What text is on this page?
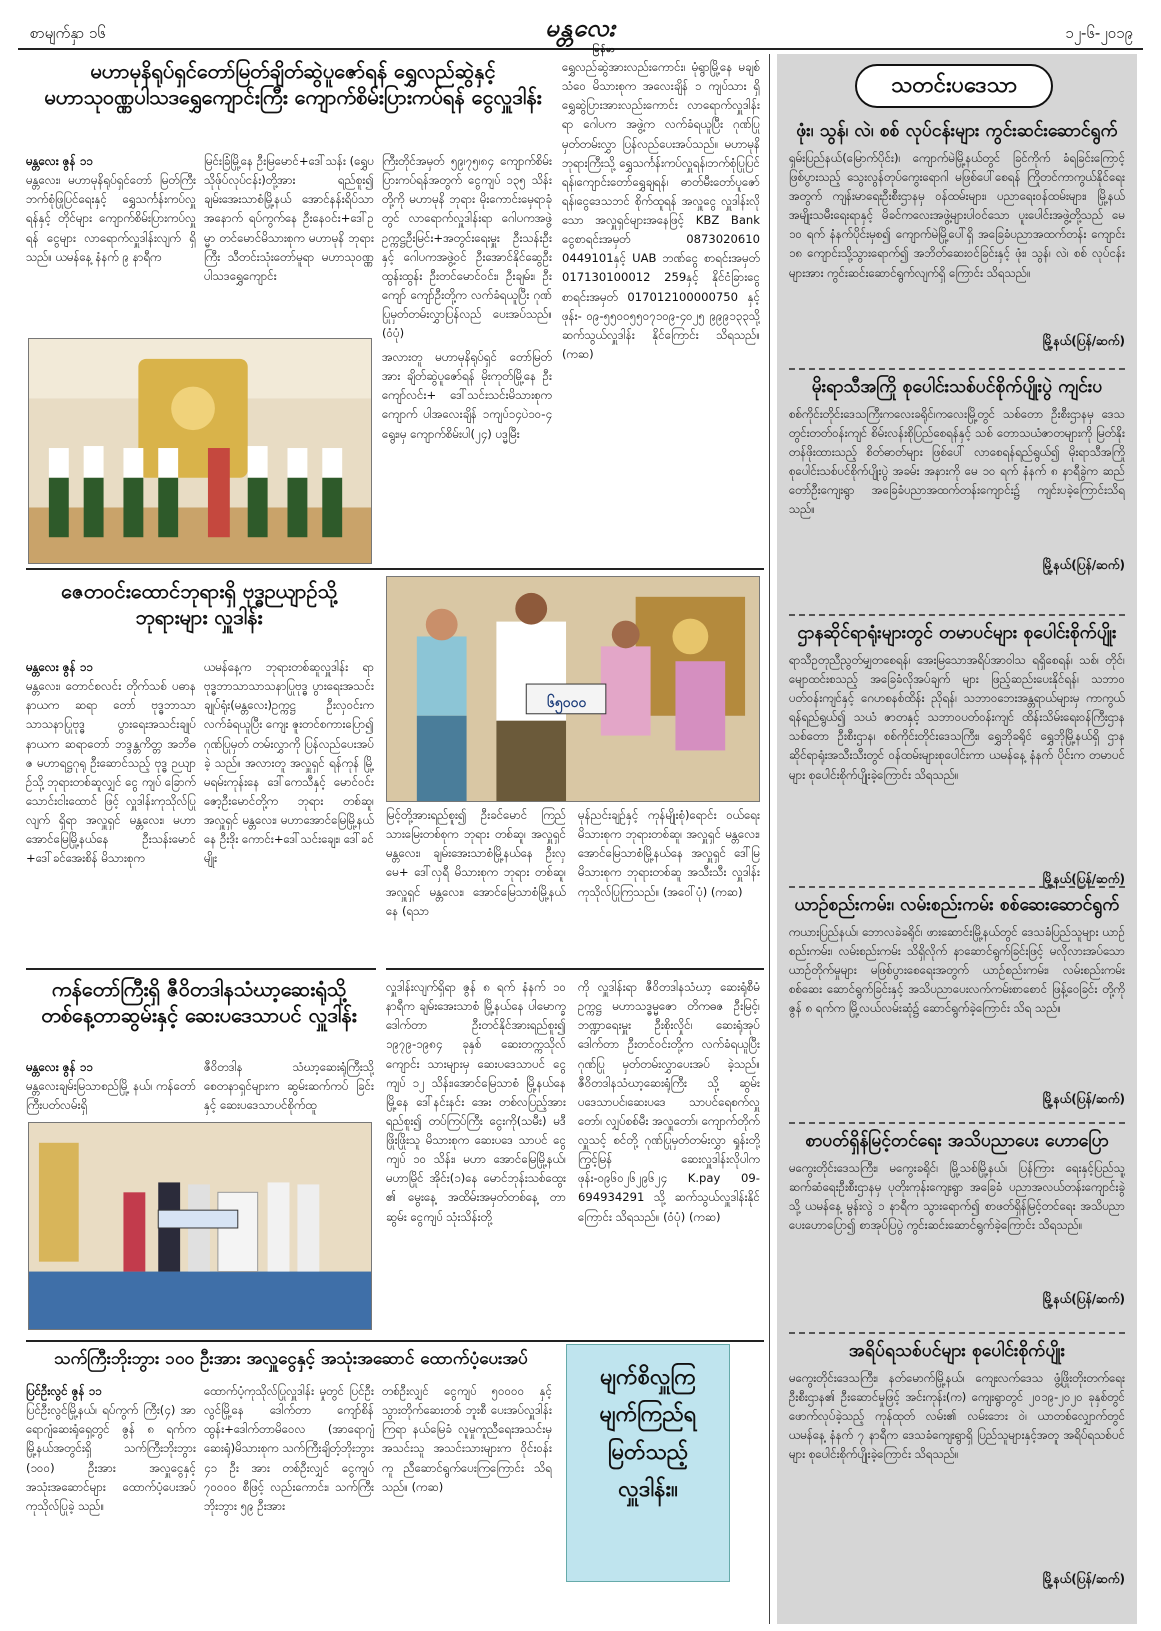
စာမျက်နှာ ၁၆	မန္တလေး
မြန်မာ
၁၂-၆-၂၀၁၉
မဟာမုနိရုပ်ရှင်တော်မြတ်ချိတ်ဆွဲပူဇော်ရန် ရွှေလည်ဆွဲနှင့်
မဟာသုဝဏ္ဏပါသဒရွှေကျောင်းကြီး ကျောက်စိမ်းပြားကပ်ရန် ငွေလှူဒါန်း
မန္တလေး ဇွန် ၁၁
မန္တလေး၊ မဟာမုနိရုပ်ရှင်တော် မြတ်ကြီး ဘက်စုံဖြုပြင်ရေးနှင့် ရွှေသင်္ကန်းကပ်လှူရန်နှင့် တိုင်များ ကျောက်စိမ်းပြားကပ်လှူရန် ငွေများ လာရောက်လှူဒါန်းလျက် ရှိသည်။ ယမန်နေ့ နံနက် ၉ နာရီက
မြင်းခြံမြို့နေ ဦးမြမောင်+ဒေါ်သန်း (ရွှေပသိုဖ်ုပ်လုပ်ငန်း)တို့အား ရည်စူး၍ ချမ်းအေးသာစံမြို့နယ် အောင်နန်းရိပ်သာအနောက် ရပ်ကွက်နေ ဦးနေဝင်း+ဒေါ်ဥမ္မာ တင်မောင်မိသားစုက မဟာမုနိ ဘုရားကြီး သီတင်းသုံးတော်မူရာ မဟာသုဝဏ္ဏပါသဒရွှေကျောင်း
ကြီးတိုင်အမှတ် ၅၉၊၇၅၊၈၄ ကျောက်စိမ်းပြားကပ်ရန်အတွက် ငွေကျပ် ၁၃၅ သိန်းတို့ကို မဟာမုနိ ဘုရား မိုးကောင်းမှေရာခုံတွင် လာရောက်လှူဒါန်းရာ ဂေါပကအဖွဲ့ ဥက္ကဋ္ဌဦးမြင်း+အတွင်းရေးမှူး ဦးသန်းဦးနှင့် ဂေါပကအဖွဲ့ဝင် ဦးအောင်နိုင်ဆွေဦးထွန်းထွန်း ဦးတင်မောင်ဝင်း၊ ဦးချမ်း၊ ဦးကျော် ကျော်ဦးတို့က လက်ခံရယူပြီး ဂုဏ်ပြုမှတ်တမ်းလွှာပြန်လည် ပေးအပ်သည်။ (ဝံပုံ)
အလားတူ မဟာမုနိရုပ်ရှင် တော်မြတ်အား ချိတ်ဆွဲပူဇော်ရန် မိုးကုတ်မြို့နေ ဦးကျော်လင်း+ ဒေါ်သင်းသင်းမိသားစုက ကျောက် ပါအလေးချိန် ၁ကျပ်၁၄ပဲ၁၀-၄ ရွေး၊မှ ကျောက်စိမ်းပါ(၂၄) ပဒ္မမြီး
ရွှေလည်ဆွဲအားလည်းကောင်း၊ မုံရွာမြို့နေ မချစ်သံဝေ မိသားစုက အလေးချိန် ၁ ကျပ်သား ရှိ ရွှေဆွဲပြားအားလည်းကောင်း လာရောက်လှူဒါန်းရာ ဂေါပက အဖွဲ့က လက်ခံရယူပြီး ဂုဏ်ပြုမှတ်တမ်းလွှာ ပြန်လည်ပေးအပ်သည်။ မဟာမုနိဘုရားကြီးသို့ ရွှေသင်္ကန်းကပ်လှူရန်၊ဘက်စုံပြုပြင်ရန်၊ကျောင်းတော်ရွှေချရန်၊ ဓာတ်မီးတော်ပူဇော်ရန်၊ငွေဒေသဘင် စိုက်ထူရန် အလှူငွေ လှူဒါန်းလိုသော အလှူရှင်များအနေဖြင့် KBZ Bank ငွေစာရင်းအမှတ် 0873020610 0449101နှင့် UAB ဘဏ်ငွေ စာရင်းအမှတ် 017130100012 259နှင့် နိုင်ငံခြားငွေစာရင်းအမှတ် 017012100000750 နှင့်ဖုန်း- ၀၉-၅၅၀၀၅၅၀၇၁၀၉-၄၀၂၅ ၉၉၉၁၃၃သို့ ဆက်သွယ်လှူဒါန်း နိုင်ကြောင်း သိရသည်။ (ကဆ)
ဇေတဝင်းထောင်ဘုရားရှိ ဗုဒ္ဓဉယျာဉ်သို့
ဘုရားများ လှူဒါန်း
မန္တလေး ဇွန် ၁၁
မန္တလေး၊ တောင်စလင်း တိုက်သစ် ပဓာနနာယက ဆရာ တော် ဗုဒ္ဓဘာသာ သာသနာပြုဗုဒ္ဓ ပွားရေးအသင်းချုပ် နာယက ဆရာတော် ဘဒ္ဒန္တကိတ္တ အဘိဓဇ မဟာရဋ္ဌဂုရု ဦးဆောင်သည့် ဗုဒ္ဓ ဉယျာဉ်သို့ ဘုရားတစ်ဆူလျှင် ငွေ ကျပ် ခြောက်သောင်းငါးထောင် ဖြင့် လှူဒါန်းကုသိုလ်ပြုလျက် ရှိရာ အလှူရှင် မန္တလေး၊ မဟာ အောင်မြေမြို့နယ်နေ ဦးသန်းမောင် +ဒေါ်ခင်အေးစိန် မိသားစုက
ယမန်နေ့က ဘုရားတစ်ဆူလှူဒါန်း ရာ ဗုဒ္ဓဘာသာသာသနာပြုဗုဒ္ဓ ပွားရေးအသင်းချုပ်ရုံး(မန္တလေး)ဥက္ကဋ္ဌ ဦးလှဝင်းက လက်ခံရယူပြီး ကျေး ဇူးတင်စကားပြော၍ ဂုဏ်ပြုမှတ် တမ်းလွှာကို ပြန်လည်ပေးအပ်ခဲ့ သည်။ အလားတူ အလှူရှင် ရန်ကုန် မြို့ မရမ်းကုန်းနေ ဒေါ်ကေသီနှင့် မောင်ဝင်းဇော့ဦးမောင်တို့က ဘုရား တစ်ဆူ၊ အလှူရှင် မန္တလေး၊ မဟာအောင်မြေမြို့နယ်နေ ဦးဒိုး ကောင်း+ဒေါ်သင်းချေး၊ ဒေါ်ခင်မျိုး
၆၅၀၀၀
မြင့်တို့အားရည်စူး၍ ဦးခင်မောင် ကြည် သားမြေးတစ်စုက ဘုရား တစ်ဆူ၊ အလှူရှင် မန္တလေး၊ ချမ်းအေးသာစံမြို့နယ်နေ ဦးလှမေ+ ဒေါ်လှရီ မိသားစုက ဘုရား တစ်ဆူ၊ အလှူရှင် မန္တလေး၊ အောင်မြေသာစံမြို့နယ်နေ (ရသာ
မုန်ညင်းချဉ်နှင့် ကုန်မျိုးစုံ)ရောင်း ဝယ်ရေးမိသားစုက ဘုရားတစ်ဆူ၊ အလှူရှင် မန္တလေး၊ အောင်မြေသာစံမြို့နယ်နေ အလှူရှင် ဒေါ်မြ မိသားစုက ဘုရားတစ်ဆူ အသီးသီး လှူဒါန်းကုသိုလ်ပြုကြသည်။ (အဝေါ်ပုံ) (ကဆ)
ကန်တော်ကြီးရှိ ဇီဝိတဒါနသံဃာ့ဆေးရုံသို့
တစ်နေ့တာဆွမ်းနှင့် ဆေးပဒေသာပင် လှူဒါန်း
မန္တလေး ဇွန် ၁၁
မန္တလေးချမ်းမြသာစည်မြို့ နယ်၊ ကန်တော်ကြီးပတ်လမ်းရှိ
ဇီဝိတဒါန သံဃာ့ဆေးရုံကြီးသို့ စေတနာရှင်များက ဆွမ်းဆက်ကပ် ခြင်းနှင့် ဆေးပဒေသာပင်စိုက်ထူ
လှူဒါန်းလျက်ရှိရာ ဇွန် ၈ ရက် နံနက် ၁၀ နာရီက ချမ်းအေးသာစံ မြို့နယ်နေ ပါမောက္ခဒေါက်တာ ဦးတင်နိုင်အားရည်စူး၍ ၁၉၇၉-၁၉၈၄ ခုနှစ် ဆေးတက္ကသိုလ်ကျောင်း သားများမှ ဆေးပဒေသာပင် ငွေကျပ် ၁၂ သိန်း၊အောင်မြေသာစံ မြို့နယ်နေမြို့နေ ဒေါ်နင်းနင်း အေး တစ်လပြည့်အားရည်စူး၍ တပ်ကြပ်ကြီး ငွေးကို(သမီး) မဒီ ဖြိုးဖြိုးသူ မိသားစုက ဆေးပဒေ သာပင် ငွေကျပ် ၁၀ သိန်း၊ မဟာ အောင်မြေမြို့နယ်၊ မဟာမြိုင် အိုင်း(၁)နေ မောင်ဘုန်းသစ်ထွေး ၏ မွေးနေ့ အထိမ်းအမှတ်တစ်နေ့ တာ ဆွမ်း ငွေကျပ် သုံးသိန်းတို့
ကို လှူဒါန်းရာ ဇီဝိတဒါနသံဃာ့ ဆေးရုံစီမံ ဥက္ကဋ္ဌ မဟာသဒ္ဓမ္မဇော တိကဓဇ ဦးမြင့်၊ဘဏ္ဍာရေးမှူး ဦးစိုးလှိုင်၊ ဆေးရုံအုပ်ဒေါက်တာ ဦးတင်ဝင်းတို့က လက်ခံရယူပြီး ဂုဏ်ပြု မှတ်တမ်းလွှာပေးအပ် ခဲ့သည်။ ဇီဝိတဒါနသံဃာ့ဆေးရုံကြီး သို့ ဆွမ်းပဒေသာပင်၊ဆေးပဒေ သာပင်ရေစက်လှူတော်၊ လျှပ်စစ်မီး အလှူတော်၊ ကျောက်တိုက်လှူသင့် စင်တို့ ဂုဏ်ပြုမှတ်တမ်းလွှာ ရှုန်းတို့ ကြွင့်မြန် ဆေးလှူဒါန်းလိုပါက ဖုန်း-၀၉၆၀၂၆၂၉၆၂၄ K.pay 09-694934291 သို့ ဆက်သွယ်လှူဒါန်းနိုင်ကြောင်း သိရသည်။ (ဝံပုံ) (ကဆ)
သက်ကြီးဘိုးဘွား ၁၀၀ ဦးအား အလှူငွေနှင့် အသုံးအဆောင် ထောက်ပံ့ပေးအပ်
ပြင်ဦးလွင် ဇွန် ၁၁
ပြင်ဦးလွင်မြို့နယ်၊ ရပ်ကွက် ကြီး(၄) အာရောဂျံဆေးရုံရှေ့တွင် ဇွန် ၈ ရက်က မြို့နယ်အတွင်းရှိ သက်ကြီးဘိုးဘွား (၁၀၀) ဦးအား အလှူငွေနှင့် အသုံးအဆောင်များ ထောက်ပံ့ပေးအပ် ကုသိုလ်ပြုခဲ့ သည်။
ထောက်ပံ့ကုသိုလ်ပြုလှူဒါန်း မှုတွင် ပြင်ဦးလွင်မြို့နေ ဒေါက်တာ ကျော်စိန်ထွန်း+ဒေါက်တာမိဝေလ (အာရောဂျံဆေးရုံ)မိသားစုက သက်ကြီးချိတ့်ဘိုးဘွား ၄၁ ဦး အား တစ်ဦးလျှင် ငွေကျပ် ၇၀၀၀၀ စီဖြင့် လည်းကောင်း၊ သက်ကြီးဘိုးဘွား ၅၉ ဦးအား
တစ်ဦးလျှင် ငွေကျပ် ၅၀၀၀၀ နှင့် သွားတိုက်ဆေးတစ် ဘူးစီ ပေးအပ်လှူဒါန်းကြရာ နယ်မြေခံ လူမှုကူညီရေးအသင်းမှ အသင်းသူ အသင်းသားများက ဝိုင်းဝန်းကူ ညီဆောင်ရွက်ပေးကြကြောင်း သိရသည်။ (ကဆ)
မျက်စိလှူကြ
မျက်ကြည်ရ
မြတ်သည့်
လှူဒါန်း။
သတင်းပဒေသာ
ဖုံး၊ သွန်၊ လဲ၊ စစ် လုပ်ငန်းများ ကွင်းဆင်းဆောင်ရွက်
ရှမ်းပြည်နယ်(မြောက်ပိုင်း)၊ ကျောက်မဲမြို့နယ်တွင် ခြင်ကိုက် ခံရခြင်းကြောင့် ဖြစ်ပွားသည့် သွေးလွန်တုပ်ကွေးရောဂါ မဖြစ်ပေါ်စေရန် ကြိုတင်ကာကွယ်နိုင်ရေးအတွက် ကျန်းမာရေးဦးစီးဌာနမှ ဝန်ထမ်းများ၊ ပညာရေးဝန်ထမ်းများ၊ မြို့နယ်အမျိုးသမီးရေးရာနှင့် မိခင်ကလေးအဖွဲ့များပါဝင်သော ပူးပေါင်းအဖွဲ့တို့သည် မေ ၁၀ ရက် နံနက်ပိုင်းမှစ၍ ကျောက်မဲမြို့ပေါ်ရှိ အခြေခံပညာအထက်တန်း ကျောင်း ၁၈ ကျောင်းသို့သွားရောက်၍ အဘိတ်ဆေးဝင်ခြင်းနှင့် ဖုံး၊ သွန်၊ လဲ၊ စစ် လုပ်ငန်းများအား ကွင်းဆင်းဆောင်ရွက်လျက်ရှိ ကြောင်း သိရသည်။
မြို့နယ်(ပြန်/ဆက်)
မိုးရာသီအကြို စုပေါင်းသစ်ပင်စိုက်ပျိုးပွဲ ကျင်းပ
စစ်ကိုင်းတိုင်းဒေသကြီးကလေးခရိုင်၊ကလေးမြို့တွင် သစ်တော ဦးစီးဌာနမှ ဒေသတွင်းတတ်ဝန်းကျင် စိမ်းလန်းစိုပြည်စေရန်နှင့် သစ် တောသယံဇာတများကို မြတ်နိုးတန်ဖိုးထားသည့် စိတ်ဓာတ်များ ဖြစ်ပေါ် လာစေရန်ရည်ရွယ်၍ မိုးရာသီအကြို စုပေါင်းသစ်ပင်စိုက်ပျိုးပွဲ အခမ်း အနားကို မေ ၁၀ ရက် နံနက် ၈ နာရီခွဲက ဆည်တော်ဦးကျေးရွာ အခြေခံပညာအထက်တန်းကျောင်း၌ ကျင်းပခဲ့ကြောင်းသိရ သည်။
မြို့နယ်(ပြန်/ဆက်)
ဌာနဆိုင်ရာရုံးများတွင် တမာပင်များ စုပေါင်းစိုက်ပျိုး
ရာသီဥတုညီညွတ်မျှတစေရန်၊ အေးမြသောအရိပ်အာဝါသ ရရှိစေရန်၊ သစ်၊ တိုင်၊ မျောထင်းစသည့် အခြေခံလိုအပ်ချက် များ ဖြည့်ဆည်းပေးနိုင်ရန်၊ သဘာဝပတ်ဝန်းကျင်နှင့် ဂေဟစနစ်ထိန်း ညိုရန်၊ သဘာဝဘေးအန္တရာယ်များမှ ကာကွယ်ရန်ရည်ရွယ်၍ သယံ ဇာတနှင့် သဘာဝပတ်ဝန်းကျင် ထိန်းသိမ်းရေးဝန်ကြီးဌာန သစ်တော ဦးစီးဌာန၊ စစ်ကိုင်းတိုင်းဒေသကြီး၊ ရွှေဘိုခရိုင် ရွှေဘိုမြို့နယ်ရှိ ဌာန ဆိုင်ရာရုံးအသီးသီးတွင် ဝန်ထမ်းများစုပေါင်းကာ ယမန်နေ့ နံနက် ပိုင်းက တမာပင်များ စုပေါင်းစိုက်ပျိုးခဲ့ကြောင်း သိရသည်။
မြို့နယ်(ပြန်/ဆက်)
ယာဉ်စည်းကမ်း၊ လမ်းစည်းကမ်း စစ်ဆေးဆောင်ရွက်
ကယားပြည်နယ်၊ ဘောလခဲခရိုင်၊ ဖားဆောင်းမြို့နယ်တွင် ဒေသခံပြည်သူများ ယာဉ်စည်းကမ်း၊ လမ်းစည်းကမ်း သိရှိလိုက် နာဆောင်ရွက်ခြင်းဖြင့် မလိုလားအပ်သော ယာဉ်တိုက်မှုများ မဖြစ်ပွားစေရေးအတွက် ယာဉ်စည်းကမ်း၊ လမ်းစည်းကမ်း စစ်ဆေး ဆောင်ရွက်ခြင်းနှင့် အသိပညာပေးလက်ကမ်းစာစောင် ဖြန့်ဝေခြင်း တို့ကို ဇွန် ၈ ရက်က မြို့လယ်လမ်းဆုံ၌ ဆောင်ရွက်ခဲ့ကြောင်း သိရ သည်။
မြို့နယ်(ပြန်/ဆက်)
စာပတ်ရှိန်မြင့်တင်ရေး အသိပညာပေး ဟောပြော
မကွေးတိုင်းဒေသကြီး၊ မကွေးခရိုင်၊ မြို့သစ်မြို့နယ်၊ ပြန်ကြား ရေးနှင့်ပြည်သူ့ဆက်ဆံရေးဦးစီးဌာနမှ ပုတိုးကုန်းကျေးရွာ အခြေခံ ပညာအလယ်တန်းကျောင်းခွဲသို့ ယမန်နေ့ မွန်းလွဲ ၁ နာရီက သွားရောက်၍ စာဖတ်ရှိန်မြင့်တင်ရေး အသိပညာပေးဟောပြော၍ စာအုပ်ပြပွဲ ကွင်းဆင်းဆောင်ရွက်ခဲ့ကြောင်း သိရသည်။
မြို့နယ်(ပြန်/ဆက်)
အရိပ်ရသစ်ပင်များ စုပေါင်းစိုက်ပျိုး
မကွေးတိုင်းဒေသကြီး၊ နတ်မောက်မြို့နယ်၊ ကျေးလက်ဒေသ ဖွံ့ဖြိုးတိုးတက်ရေးဦးစီးဌာန၏ ဦးဆောင်မှုဖြင့် အင်းကုန်း(က) ကျေးရွာတွင် ၂၀၁၉-၂၀၂၀ ခုနှစ်တွင် ဖောက်လုပ်ခဲ့သည့် ကုန်ထုတ် လမ်း၏ လမ်းဘေး ဝဲ၊ ယာတစ်လျှောက်တွင် ယမန်နေ့ နံနက် ၇ နာရီက ဒေသခံကျေးရွာရှိ ပြည်သူများနှင့်အတူ အရိပ်ရသစ်ပင်များ စုပေါင်းစိုက်ပျိုးခဲ့ကြောင်း သိရသည်။
မြို့နယ်(ပြန်/ဆက်)
